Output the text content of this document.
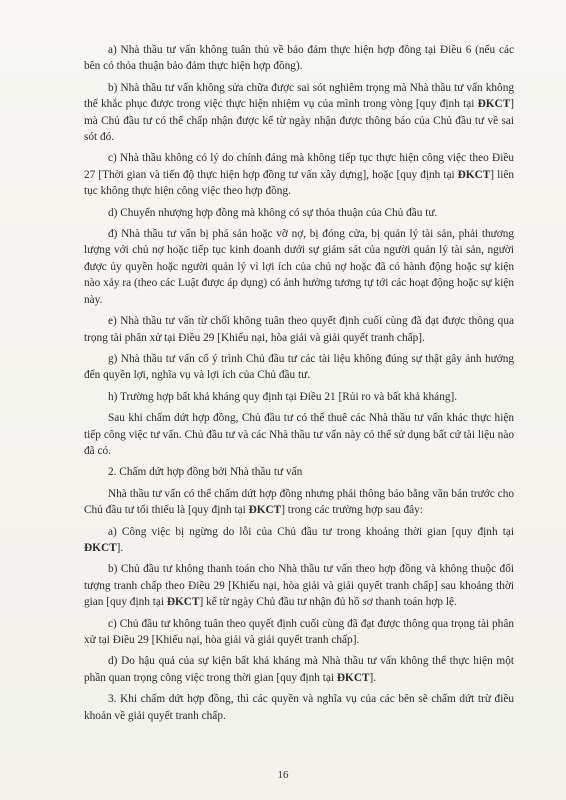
a) Nhà thầu tư vấn không tuân thủ về bảo đảm thực hiện hợp đồng tại Điều 6 (nếu các bên có thỏa thuận bảo đảm thực hiện hợp đồng).

b) Nhà thầu tư vấn không sửa chữa được sai sót nghiêm trọng mà Nhà thầu tư vấn không thể khắc phục được trong việc thực hiện nhiệm vụ của mình trong vòng [quy định tại ĐKCT] mà Chủ đầu tư có thể chấp nhận được kể từ ngày nhận được thông báo của Chủ đầu tư về sai sót đó.

c) Nhà thầu không có lý do chính đáng mà không tiếp tục thực hiện công việc theo Điều 27 [Thời gian và tiến độ thực hiện hợp đồng tư vấn xây dựng], hoặc [quy định tại ĐKCT] liên tục không thực hiện công việc theo hợp đồng.

d) Chuyển nhượng hợp đồng mà không có sự thỏa thuận của Chủ đầu tư.

đ) Nhà thầu tư vấn bị phá sản hoặc vỡ nợ, bị đóng cửa, bị quản lý tài sản, phải thương lượng với chủ nợ hoặc tiếp tục kinh doanh dưới sự giám sát của người quản lý tài sản, người được ủy quyền hoặc người quản lý vì lợi ích của chủ nợ hoặc đã có hành động hoặc sự kiện nào xảy ra (theo các Luật được áp dụng) có ảnh hưởng tương tự tới các hoạt động hoặc sự kiện này.

e) Nhà thầu tư vấn từ chối không tuân theo quyết định cuối cùng đã đạt được thông qua trọng tài phân xử tại Điều 29 [Khiếu nại, hòa giải và giải quyết tranh chấp].

g) Nhà thầu tư vấn cố ý trình Chủ đầu tư các tài liệu không đúng sự thật gây ảnh hưởng đến quyền lợi, nghĩa vụ và lợi ích của Chủ đầu tư.

h) Trường hợp bất khả kháng quy định tại Điều 21 [Rủi ro và bất khả kháng].

Sau khi chấm dứt hợp đồng, Chủ đầu tư có thể thuê các Nhà thầu tư vấn khác thực hiện tiếp công việc tư vấn. Chủ đầu tư và các Nhà thầu tư vấn này có thể sử dụng bất cứ tài liệu nào đã có.

2. Chấm dứt hợp đồng bởi Nhà thầu tư vấn

Nhà thầu tư vấn có thể chấm dứt hợp đồng nhưng phải thông báo bằng văn bản trước cho Chủ đầu tư tối thiểu là [quy định tại ĐKCT] trong các trường hợp sau đây:

a) Công việc bị ngừng do lỗi của Chủ đầu tư trong khoảng thời gian [quy định tại ĐKCT].

b) Chủ đầu tư không thanh toán cho Nhà thầu tư vấn theo hợp đồng và không thuộc đối tượng tranh chấp theo Điều 29 [Khiếu nại, hòa giải và giải quyết tranh chấp] sau khoảng thời gian [quy định tại ĐKCT] kể từ ngày Chủ đầu tư nhận đủ hồ sơ thanh toán hợp lệ.

c) Chủ đầu tư không tuân theo quyết định cuối cùng đã đạt được thông qua trọng tài phân xử tại Điều 29 [Khiếu nại, hòa giải và giải quyết tranh chấp].

d) Do hậu quả của sự kiện bất khả kháng mà Nhà thầu tư vấn không thể thực hiện một phần quan trọng công việc trong thời gian [quy định tại ĐKCT].

3. Khi chấm dứt hợp đồng, thì các quyền và nghĩa vụ của các bên sẽ chấm dứt trừ điều khoản về giải quyết tranh chấp.

16
